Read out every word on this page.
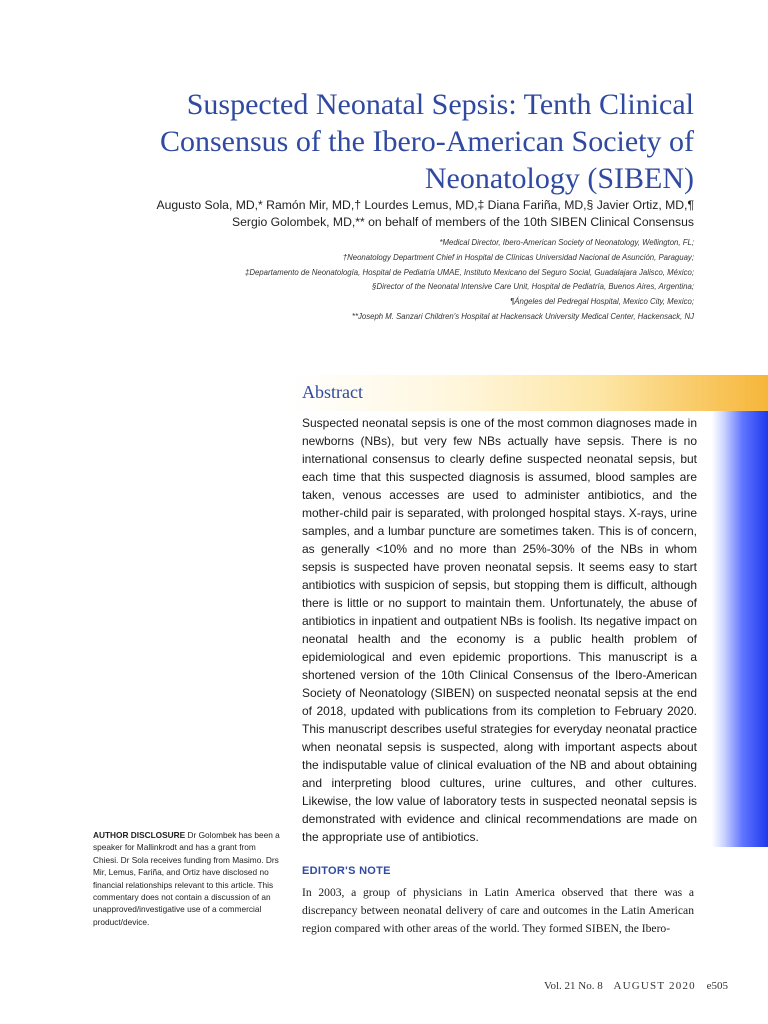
Suspected Neonatal Sepsis: Tenth Clinical
Consensus of the Ibero-American Society of
Neonatology (SIBEN)
Augusto Sola, MD,* Ramón Mir, MD,† Lourdes Lemus, MD,‡ Diana Fariña, MD,§ Javier Ortiz, MD,¶
Sergio Golombek, MD,** on behalf of members of the 10th SIBEN Clinical Consensus
*Medical Director, Ibero-American Society of Neonatology, Wellington, FL;
†Neonatology Department Chief in Hospital de Clínicas Universidad Nacional de Asunción, Paraguay;
‡Departamento de Neonatología, Hospital de Pediatría UMAE, Instituto Mexicano del Seguro Social, Guadalajara Jalisco, México;
§Director of the Neonatal Intensive Care Unit, Hospital de Pediatría, Buenos Aires, Argentina;
¶Ángeles del Pedregal Hospital, Mexico City, Mexico;
**Joseph M. Sanzari Children's Hospital at Hackensack University Medical Center, Hackensack, NJ
Abstract

Suspected neonatal sepsis is one of the most common diagnoses made in newborns (NBs), but very few NBs actually have sepsis. There is no international consensus to clearly define suspected neonatal sepsis, but each time that this suspected diagnosis is assumed, blood samples are taken, venous accesses are used to administer antibiotics, and the mother-child pair is separated, with prolonged hospital stays. X-rays, urine samples, and a lumbar puncture are sometimes taken. This is of concern, as generally <10% and no more than 25%-30% of the NBs in whom sepsis is suspected have proven neonatal sepsis. It seems easy to start antibiotics with suspicion of sepsis, but stopping them is difficult, although there is little or no support to maintain them. Unfortunately, the abuse of antibiotics in inpatient and outpatient NBs is foolish. Its negative impact on neonatal health and the economy is a public health problem of epidemiological and even epidemic proportions. This manuscript is a shortened version of the 10th Clinical Consensus of the Ibero-American Society of Neonatology (SIBEN) on suspected neonatal sepsis at the end of 2018, updated with publications from its completion to February 2020. This manuscript describes useful strategies for everyday neonatal practice when neonatal sepsis is suspected, along with important aspects about the indisputable value of clinical evaluation of the NB and about obtaining and interpreting blood cultures, urine cultures, and other cultures. Likewise, the low value of laboratory tests in suspected neonatal sepsis is demonstrated with evidence and clinical recommendations are made on the appropriate use of antibiotics.

AUTHOR DISCLOSURE Dr Golombek has been a speaker for Mallinkrodt and has a grant from Chiesi. Dr Sola receives funding from Masimo. Drs Mir, Lemus, Fariña, and Ortiz have disclosed no financial relationships relevant to this article. This commentary does not contain a discussion of an unapproved/investigative use of a commercial product/device.
EDITOR'S NOTE

In 2003, a group of physicians in Latin America observed that there was a discrepancy between neonatal delivery of care and outcomes in the Latin American region compared with other areas of the world. They formed SIBEN, the Ibero-

Vol. 21 No. 8 AUGUST 2020 e505
